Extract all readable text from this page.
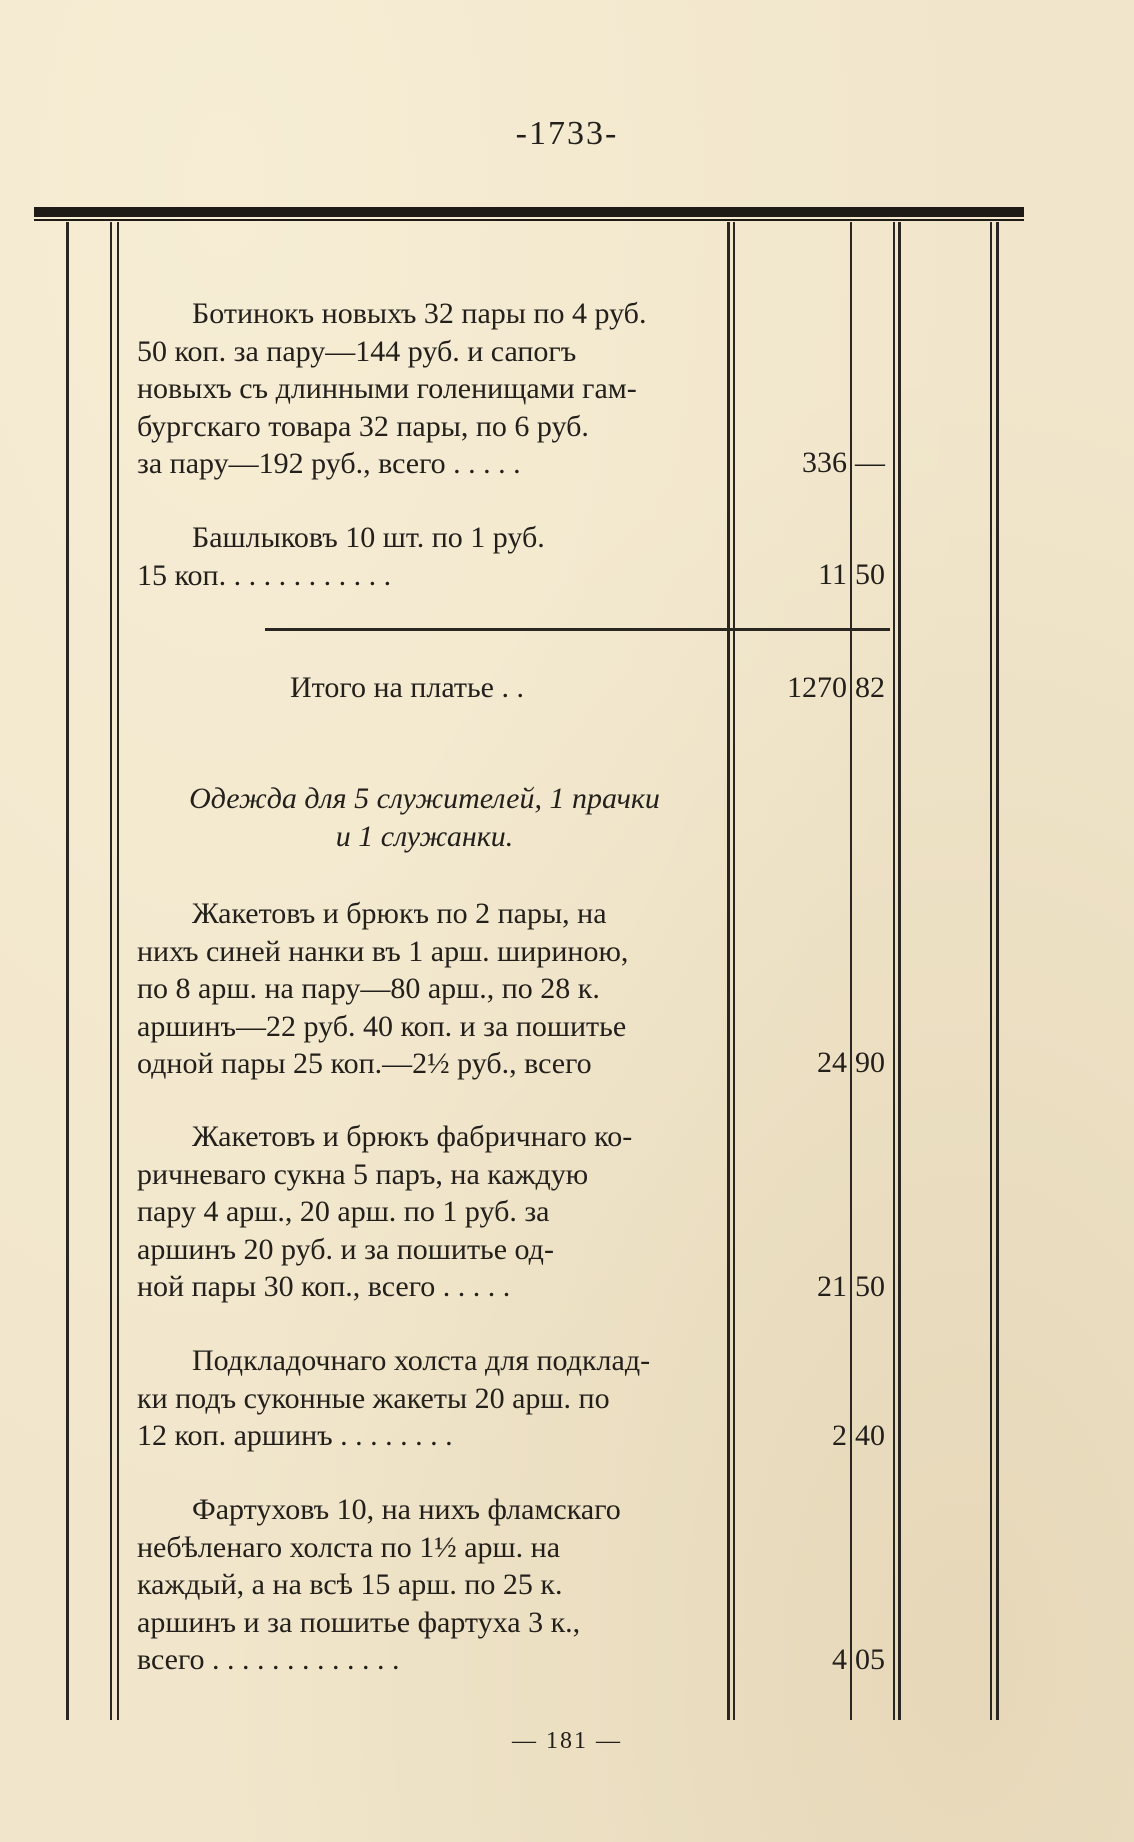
-1733-
Ботинокъ новыхъ 32 пары по 4 руб.
50 коп. за пару—144 руб. и сапогъ
новыхъ съ длинными голенищами гам-
бургскаго товара 32 пары, по 6 руб.
за пару—192 руб., всего . . . . .	336 —
Башлыковъ 10 шт. по 1 руб.
15 коп. . . . . . . . . . . .	11 50
Итого на платье . .	1270 82
Одежда для 5 служителей, 1 прачки
и 1 служанки.
Жакетовъ и брюкъ по 2 пары, на
нихъ синей нанки въ 1 арш. шириною,
по 8 арш. на пару—80 арш., по 28 к.
аршинъ—22 руб. 40 коп. и за пошитье
одной пары 25 коп.—2½ руб., всего	24 90
Жакетовъ и брюкъ фабричнаго ко-
ричневаго сукна 5 паръ, на каждую
пару 4 арш., 20 арш. по 1 руб. за
аршинъ 20 руб. и за пошитье од-
ной пары 30 коп., всего . . . . .	21 50
Подкладочнаго холста для подклад-
ки подъ суконные жакеты 20 арш. по
12 коп. аршинъ . . . . . . . .	2 40
Фартуховъ 10, на нихъ фламскаго
небѣленаго холста по 1½ арш. на
каждый, а на всѣ 15 арш. по 25 к.
аршинъ и за пошитье фартуха 3 к.,
всего . . . . . . . . . . . . .	4 05
— 181 —
